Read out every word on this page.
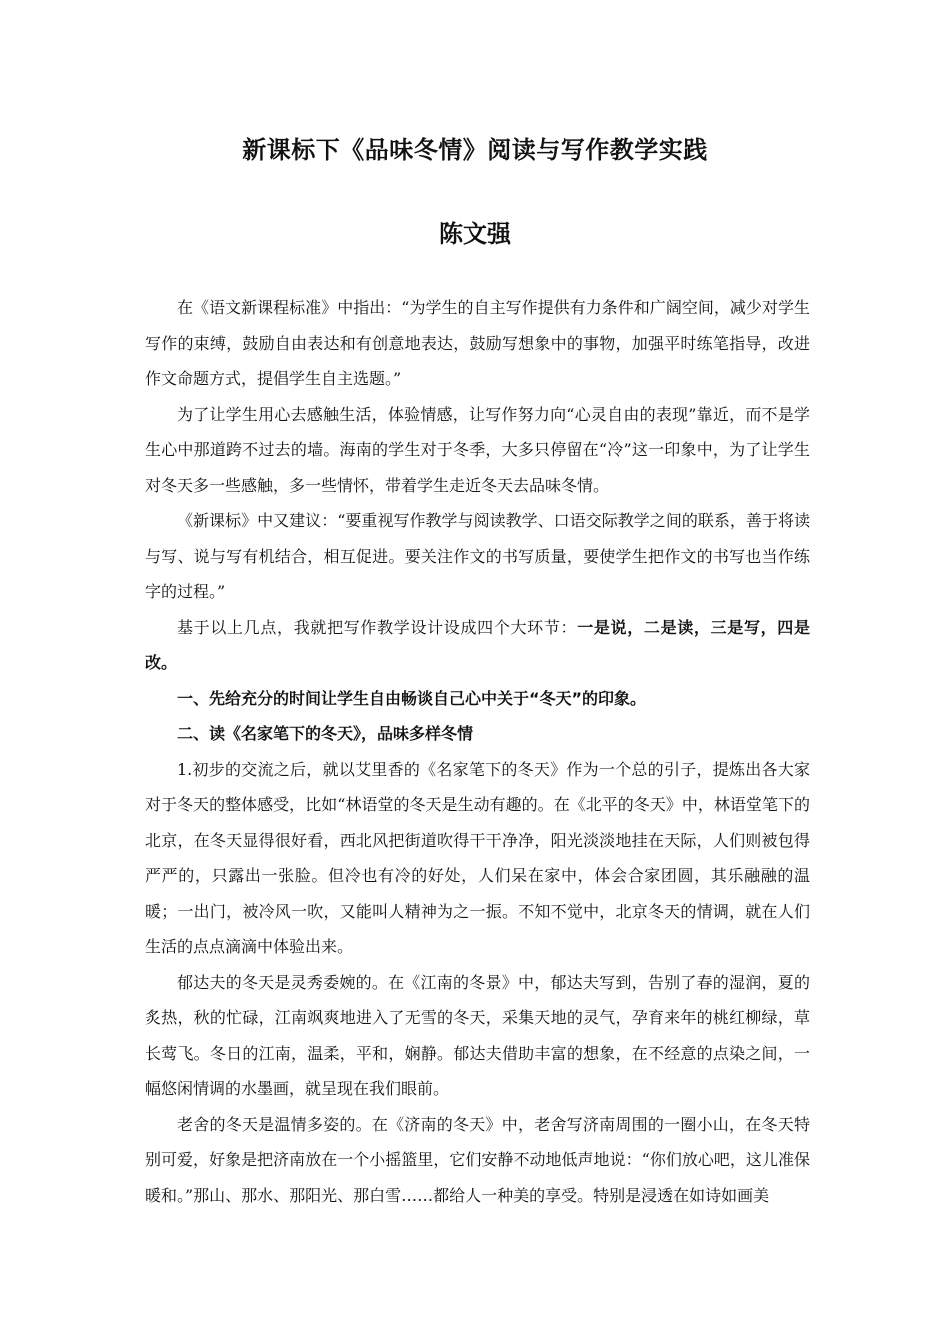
新课标下《品味冬情》阅读与写作教学实践
陈文强

在《语文新课程标准》中指出：“为学生的自主写作提供有力条件和广阔空间，减少对学生写作的束缚，鼓励自由表达和有创意地表达，鼓励写想象中的事物，加强平时练笔指导，改进作文命题方式，提倡学生自主选题。”

为了让学生用心去感触生活，体验情感，让写作努力向“心灵自由的表现”靠近，而不是学生心中那道跨不过去的墙。海南的学生对于冬季，大多只停留在“冷”这一印象中，为了让学生对冬天多一些感触，多一些情怀，带着学生走近冬天去品味冬情。

《新课标》中又建议：“要重视写作教学与阅读教学、口语交际教学之间的联系，善于将读与写、说与写有机结合，相互促进。要关注作文的书写质量，要使学生把作文的书写也当作练字的过程。”

基于以上几点，我就把写作教学设计设成四个大环节：一是说，二是读，三是写，四是改。

一、先给充分的时间让学生自由畅谈自己心中关于“冬天”的印象。

二、读《名家笔下的冬天》，品味多样冬情

1.初步的交流之后，就以艾里香的《名家笔下的冬天》作为一个总的引子，提炼出各大家对于冬天的整体感受，比如“林语堂的冬天是生动有趣的。在《北平的冬天》中，林语堂笔下的北京，在冬天显得很好看，西北风把街道吹得干干净净，阳光淡淡地挂在天际，人们则被包得严严的，只露出一张脸。但冷也有冷的好处，人们呆在家中，体会合家团圆，其乐融融的温暖；一出门，被冷风一吹，又能叫人精神为之一振。不知不觉中，北京冬天的情调，就在人们生活的点点滴滴中体验出来。

郁达夫的冬天是灵秀委婉的。在《江南的冬景》中，郁达夫写到，告别了春的湿润，夏的炙热，秋的忙碌，江南飒爽地进入了无雪的冬天，采集天地的灵气，孕育来年的桃红柳绿，草长莺飞。冬日的江南，温柔，平和，娴静。郁达夫借助丰富的想象，在不经意的点染之间，一幅悠闲情调的水墨画，就呈现在我们眼前。

老舍的冬天是温情多姿的。在《济南的冬天》中，老舍写济南周围的一圈小山，在冬天特别可爱，好象是把济南放在一个小摇篮里，它们安静不动地低声地说：“你们放心吧，这儿准保暖和。”那山、那水、那阳光、那白雪……都给人一种美的享受。特别是浸透在如诗如画美
